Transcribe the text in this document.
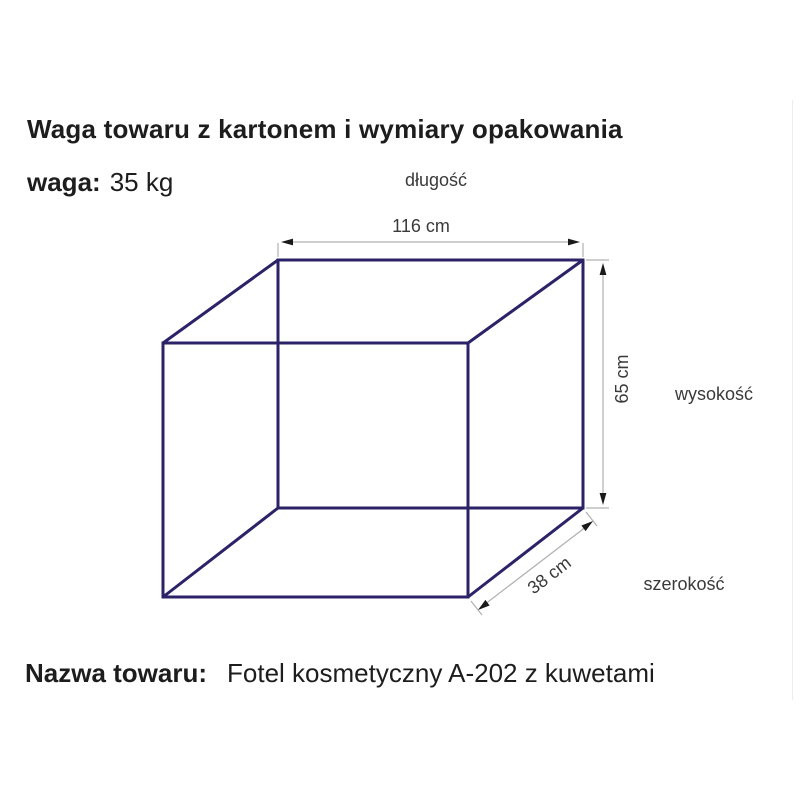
Waga towaru z kartonem i wymiary opakowania
waga: 35 kg	długość
116 cm
65 cm wysokość
38 cm	szerokość
Nazwa towaru: Fotel kosmetyczny A-202 z kuwetami
